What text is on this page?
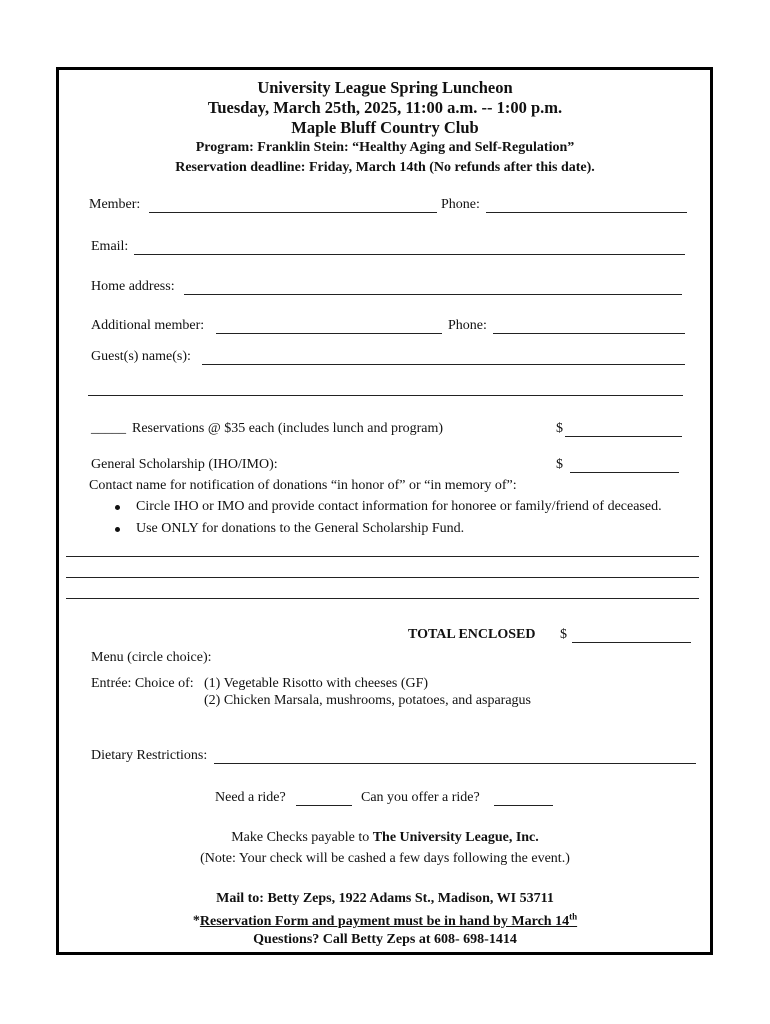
University League Spring Luncheon
Tuesday, March 25th, 2025, 11:00 a.m. -- 1:00 p.m.
Maple Bluff Country Club
Program: Franklin Stein: “Healthy Aging and Self-Regulation”
Reservation deadline: Friday, March 14th (No refunds after this date).
Member:	Phone:
Email:
Home address:
Additional member:	Phone:
Guest(s) name(s):
_____ Reservations @ $35 each (includes lunch and program)	$
General Scholarship (IHO/IMO):	$
Contact name for notification of donations “in honor of” or “in memory of”:
Circle IHO or IMO and provide contact information for honoree or family/friend of deceased.
Use ONLY for donations to the General Scholarship Fund.
TOTAL ENCLOSED $
Menu (circle choice):
Entrée: Choice of: (1) Vegetable Risotto with cheeses (GF)
(2) Chicken Marsala, mushrooms, potatoes, and asparagus
Dietary Restrictions:
Need a ride?	Can you offer a ride?
Make Checks payable to The University League, Inc.
(Note: Your check will be cashed a few days following the event.)
Mail to: Betty Zeps, 1922 Adams St., Madison, WI 53711
*Reservation Form and payment must be in hand by March 14th
Questions? Call Betty Zeps at 608- 698-1414
